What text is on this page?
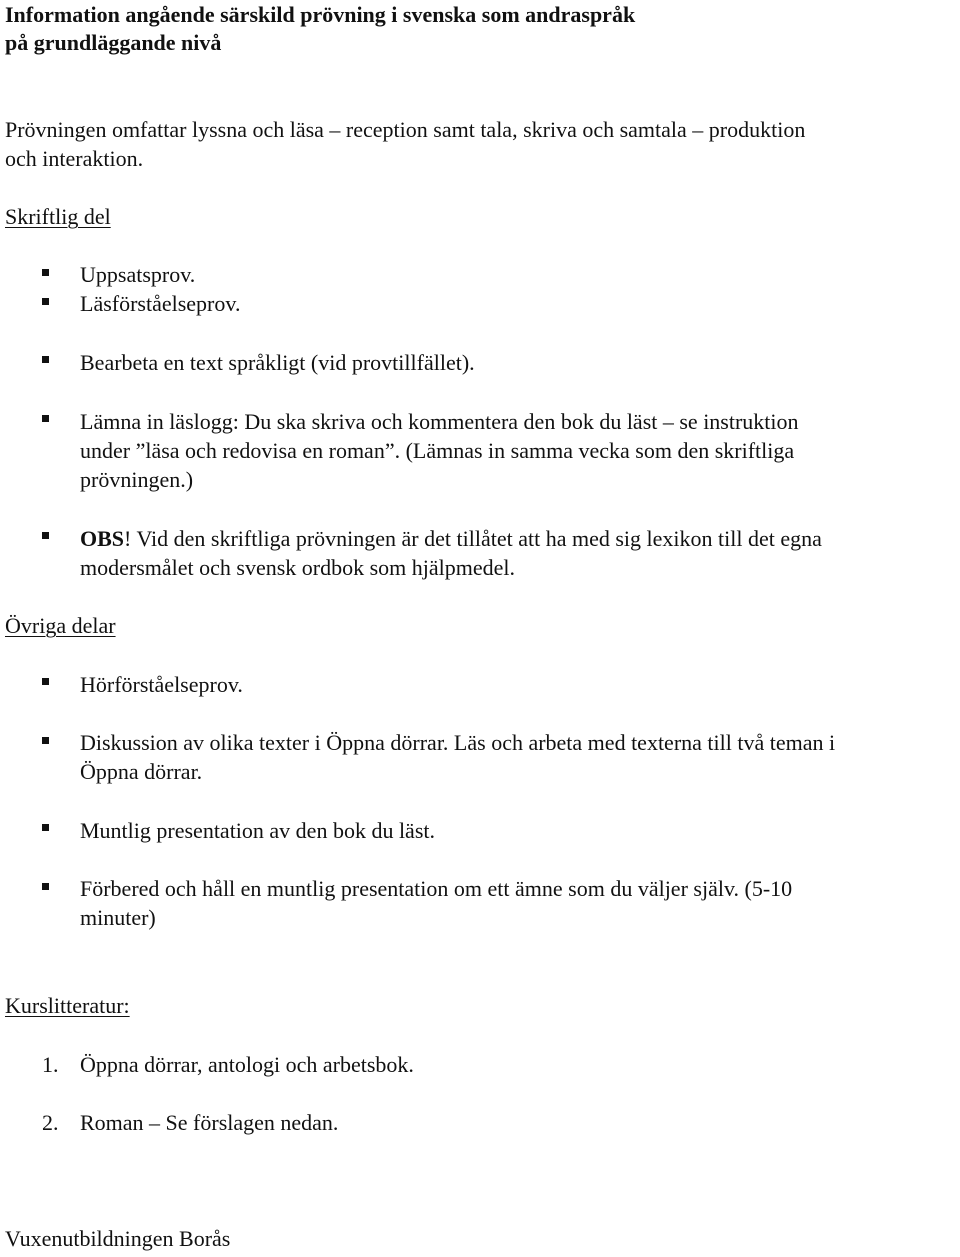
Information angående särskild prövning i svenska som andraspråk
på grundläggande nivå
Prövningen omfattar lyssna och läsa – reception samt tala, skriva och samtala – produktion
och interaktion.
Skriftlig del
Uppsatsprov.
Läsförståelseprov.
Bearbeta en text språkligt (vid provtillfället).
Lämna in läslogg: Du ska skriva och kommentera den bok du läst – se instruktion
under ”läsa och redovisa en roman”. (Lämnas in samma vecka som den skriftliga
prövningen.)
OBS! Vid den skriftliga prövningen är det tillåtet att ha med sig lexikon till det egna
modersmålet och svensk ordbok som hjälpmedel.
Övriga delar
Hörförståelseprov.
Diskussion av olika texter i Öppna dörrar. Läs och arbeta med texterna till två teman i
Öppna dörrar.
Muntlig presentation av den bok du läst.
Förbered och håll en muntlig presentation om ett ämne som du väljer själv. (5-10
minuter)
Kurslitteratur:
1. Öppna dörrar, antologi och arbetsbok.
2. Roman – Se förslagen nedan.
Vuxenutbildningen Borås
